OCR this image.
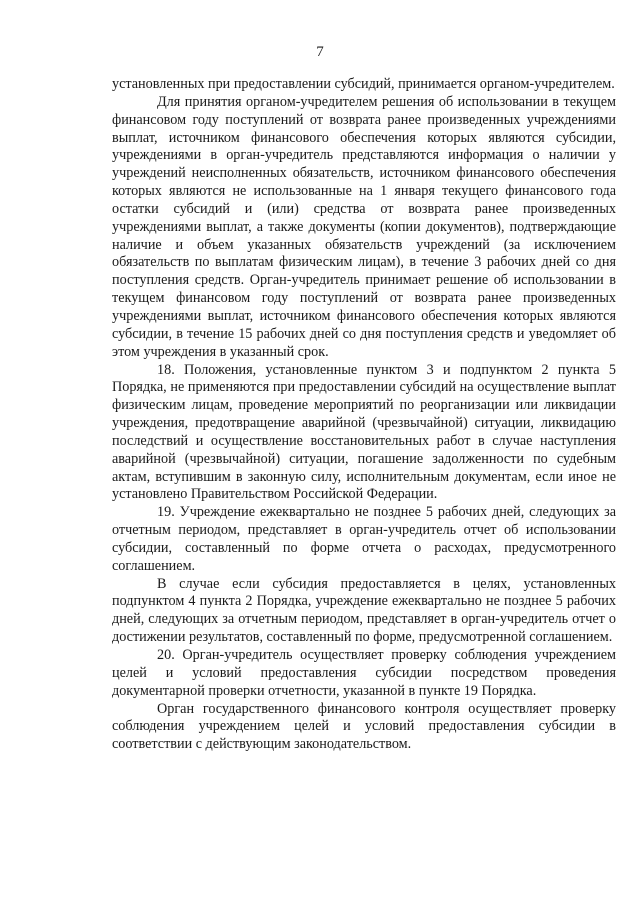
7

установленных при предоставлении субсидий, принимается органом-учредителем.

Для принятия органом-учредителем решения об использовании в текущем финансовом году поступлений от возврата ранее произведенных учреждениями выплат, источником финансового обеспечения которых являются субсидии, учреждениями в орган-учредитель представляются информация о наличии у учреждений неисполненных обязательств, источником финансового обеспечения которых являются не использованные на 1 января текущего финансового года остатки субсидий и (или) средства от возврата ранее произведенных учреждениями выплат, а также документы (копии документов), подтверждающие наличие и объем указанных обязательств учреждений (за исключением обязательств по выплатам физическим лицам), в течение 3 рабочих дней со дня поступления средств. Орган-учредитель принимает решение об использовании в текущем финансовом году поступлений от возврата ранее произведенных учреждениями выплат, источником финансового обеспечения которых являются субсидии, в течение 15 рабочих дней со дня поступления средств и уведомляет об этом учреждения в указанный срок.

18. Положения, установленные пунктом 3 и подпунктом 2 пункта 5 Порядка, не применяются при предоставлении субсидий на осуществление выплат физическим лицам, проведение мероприятий по реорганизации или ликвидации учреждения, предотвращение аварийной (чрезвычайной) ситуации, ликвидацию последствий и осуществление восстановительных работ в случае наступления аварийной (чрезвычайной) ситуации, погашение задолженности по судебным актам, вступившим в законную силу, исполнительным документам, если иное не установлено Правительством Российской Федерации.

19. Учреждение ежеквартально не позднее 5 рабочих дней, следующих за отчетным периодом, представляет в орган-учредитель отчет об использовании субсидии, составленный по форме отчета о расходах, предусмотренного соглашением.

В случае если субсидия предоставляется в целях, установленных подпунктом 4 пункта 2 Порядка, учреждение ежеквартально не позднее 5 рабочих дней, следующих за отчетным периодом, представляет в орган-учредитель отчет о достижении результатов, составленный по форме, предусмотренной соглашением.

20. Орган-учредитель осуществляет проверку соблюдения учреждением целей и условий предоставления субсидии посредством проведения документарной проверки отчетности, указанной в пункте 19 Порядка.

Орган государственного финансового контроля осуществляет проверку соблюдения учреждением целей и условий предоставления субсидии в соответствии с действующим законодательством.
